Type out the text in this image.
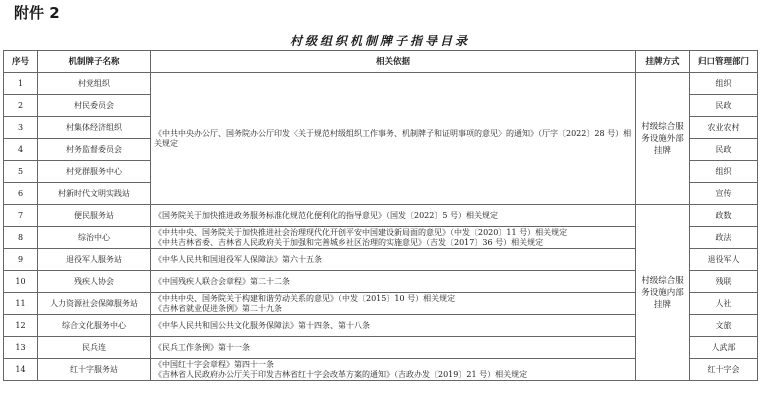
附件 2
村级组织机制牌子指导目录
序号	机制牌子名称	相关依据	挂牌方式	归口管理部门
1	村党组织	《中共中央办公厅、国务院办公厅印发〈关于规范村级组织工作事务、机制牌子和证明事项的意见〉的通知》（厅字〔2022〕28 号）相关规定	村级综合服务设施外部挂牌	组织
2	村民委员会			民政
3	村集体经济组织			农业农村
4	村务监督委员会			民政
5	村党群服务中心			组织
6	村新时代文明实践站			宣传
7	便民服务站	《国务院关于加快推进政务服务标准化规范化便利化的指导意见》（国发〔2022〕5 号）相关规定	村级综合服务设施内部挂牌	政数
8	综治中心	《中共中央、国务院关于加快推进社会治理现代化开创平安中国建设新局面的意见》（中发〔2020〕11 号）相关规定
《中共吉林省委、吉林省人民政府关于加强和完善城乡社区治理的实施意见》（吉发〔2017〕36 号）相关规定		政法
9	退役军人服务站	《中华人民共和国退役军人保障法》第六十五条		退役军人
10	残疾人协会	《中国残疾人联合会章程》第二十二条		残联
11	人力资源社会保障服务站	《中共中央、国务院关于构建和谐劳动关系的意见》（中发〔2015〕10 号）相关规定
《吉林省就业促进条例》第二十九条		人社
12	综合文化服务中心	《中华人民共和国公共文化服务保障法》第十四条、第十八条		文旅
13	民兵连	《民兵工作条例》第十一条		人武部
14	红十字服务站	《中国红十字会章程》第四十一条
《吉林省人民政府办公厅关于印发吉林省红十字会改革方案的通知》（吉政办发〔2019〕21 号）相关规定		红十字会
